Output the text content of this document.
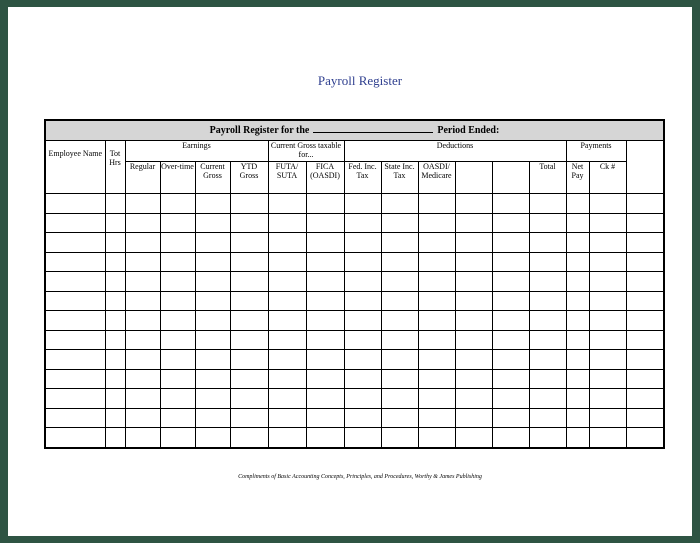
Payroll Register
Payroll Register for the Period Ended:																
Employee Name	Tot Hrs	Earnings				Current Gross taxable for...		Deductions						Payments		
		Regular	Over-time	Current Gross	YTD Gross	FUTA/ SUTA	FICA (OASDI)	Fed. Inc. Tax	State Inc. Tax	OASDI/ Medicare			Total	Net Pay	Ck #	

Compliments of Basic Accounting Concepts, Principles, and Procedures, Worthy & James Publishing
